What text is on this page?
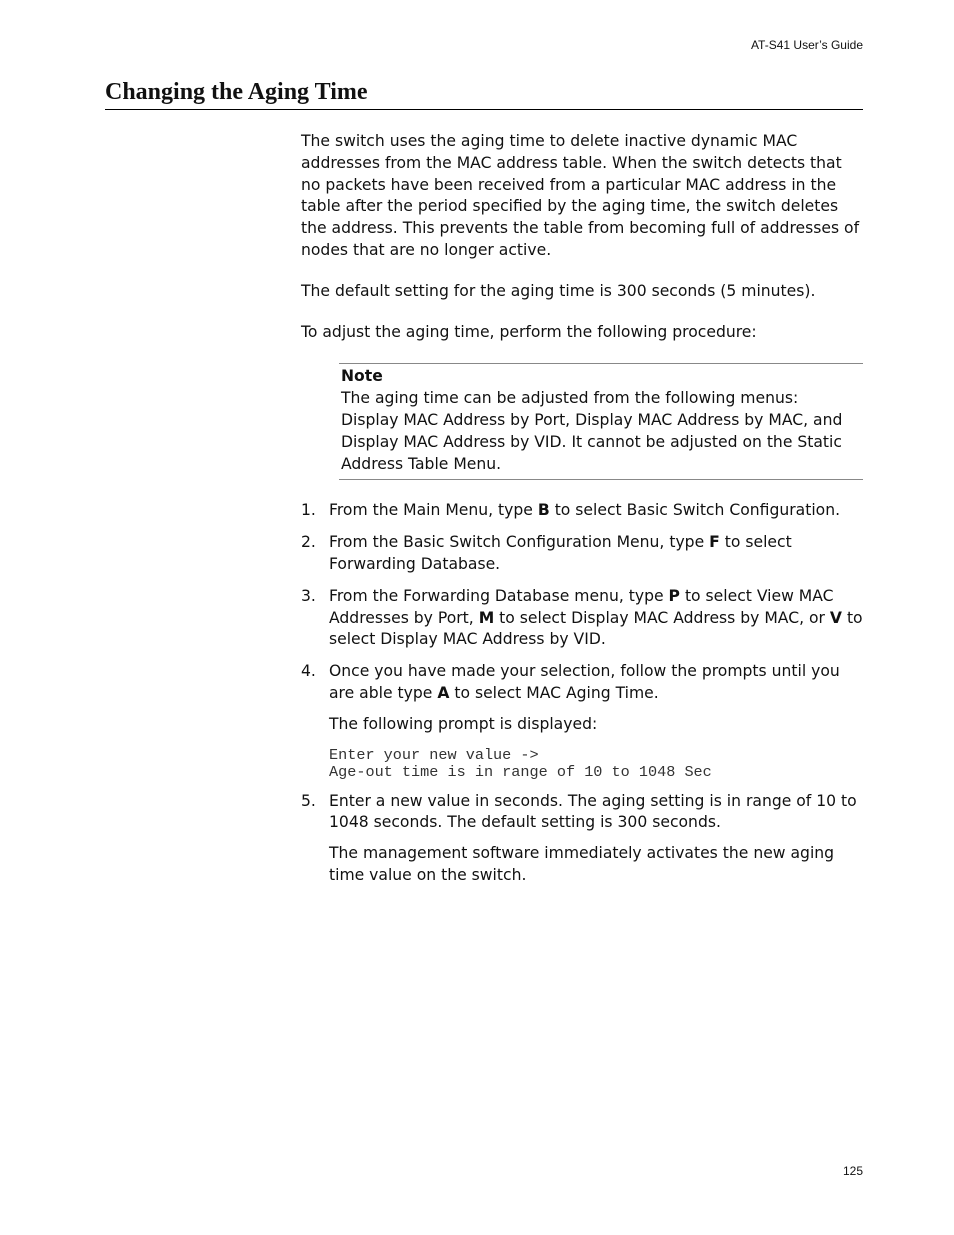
AT-S41 User’s Guide
Changing the Aging Time

The switch uses the aging time to delete inactive dynamic MAC addresses from the MAC address table. When the switch detects that no packets have been received from a particular MAC address in the table after the period specified by the aging time, the switch deletes the address. This prevents the table from becoming full of addresses of nodes that are no longer active.

The default setting for the aging time is 300 seconds (5 minutes).

To adjust the aging time, perform the following procedure:

Note
The aging time can be adjusted from the following menus: Display MAC Address by Port, Display MAC Address by MAC, and Display MAC Address by VID. It cannot be adjusted on the Static Address Table Menu.
1. From the Main Menu, type B to select Basic Switch Configuration.
2. From the Basic Switch Configuration Menu, type F to select Forwarding Database.
3. From the Forwarding Database menu, type P to select View MAC Addresses by Port, M to select Display MAC Address by MAC, or V to select Display MAC Address by VID.
4. Once you have made your selection, follow the prompts until you are able type A to select MAC Aging Time.

The following prompt is displayed:

Enter your new value ->
Age-out time is in range of 10 to 1048 Sec
5. Enter a new value in seconds. The aging setting is in range of 10 to 1048 seconds. The default setting is 300 seconds.

The management software immediately activates the new aging time value on the switch.

125
